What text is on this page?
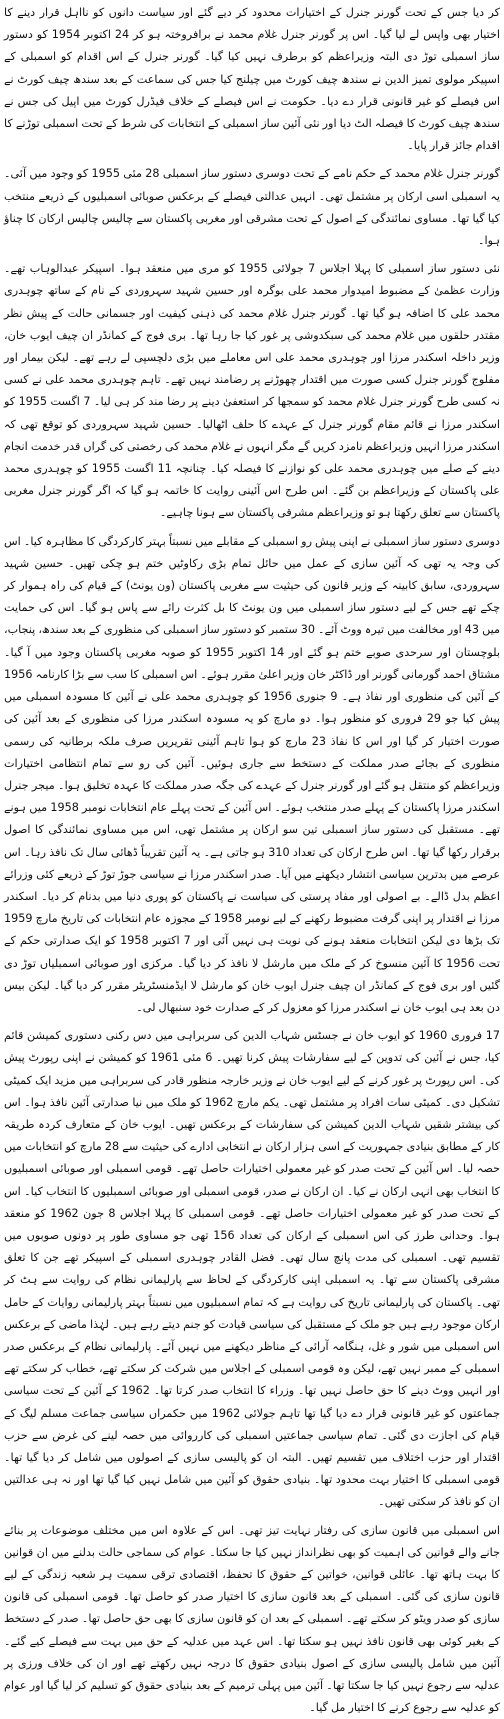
کر دیا جس کے تحت گورنر جنرل کے اختیارات محدود کر دیے گئے اور سیاست دانوں کو نااہل قرار دینے کا اختیار بھی واپس لے لیا گیا۔ اس پر گورنر جنرل غلام محمد نے برافروختہ ہو کر 24 اکتوبر 1954 کو دستور ساز اسمبلی توڑ دی البتہ وزیراعظم کو برطرف نہیں کیا گیا۔ گورنر جنرل کے اس اقدام کو اسمبلی کے اسپیکر مولوی تمیز الدین نے سندھ چیف کورٹ میں چیلنج کیا جس کی سماعت کے بعد سندھ چیف کورٹ نے اس فیصلے کو غیر قانونی قرار دے دیا۔ حکومت نے اس فیصلے کے خلاف فیڈرل کورٹ میں اپیل کی جس نے سندھ چیف کورٹ کا فیصلہ الٹ دیا اور نئی آئین ساز اسمبلی کے انتخابات کی شرط کے تحت اسمبلی توڑنے کا اقدام جائز قرار پایا۔

گورنر جنرل غلام محمد کے حکم نامے کے تحت دوسری دستور ساز اسمبلی 28 مئی 1955 کو وجود میں آئی۔ یہ اسمبلی اسی ارکان پر مشتمل تھی۔ انہیں عدالتی فیصلے کے برعکس صوبائی اسمبلیوں کے ذریعے منتخب کیا گیا تھا۔ مساوی نمائندگی کے اصول کے تحت مشرقی اور مغربی پاکستان سے چالیس چالیس ارکان کا چناؤ ہوا۔

نئی دستور ساز اسمبلی کا پہلا اجلاس 7 جولائی 1955 کو مری میں منعقد ہوا۔ اسپیکر عبدالوہاب تھے۔ وزارت عظمیٰ کے مضبوط امیدوار محمد علی بوگرہ اور حسین شہید سہروردی کے نام کے ساتھ چوہدری محمد علی کا اضافہ ہو گیا تھا۔ گورنر جنرل غلام محمد کی ذہنی کیفیت اور جسمانی حالت کے پیش نظر مقتدر حلقوں میں غلام محمد کی سبکدوشی پر غور کیا جا رہا تھا۔ بری فوج کے کمانڈر ان چیف ایوب خان، وزیر داخلہ اسکندر مرزا اور چوہدری محمد علی اس معاملے میں بڑی دلچسپی لے رہے تھے۔ لیکن بیمار اور مفلوج گورنر جنرل کسی صورت میں اقتدار چھوڑنے پر رضامند نہیں تھے۔ تاہم چوہدری محمد علی نے کسی نہ کسی طرح گورنر جنرل غلام محمد کو سمجھا کر استعفیٰ دینے پر رضا مند کر ہی لیا۔ 7 اگست 1955 کو اسکندر مرزا نے قائم مقام گورنر جنرل کے عہدے کا حلف اٹھالیا۔ حسین شہید سہروردی کو توقع تھی کہ اسکندر مرزا انہیں وزیراعظم نامزد کریں گے مگر انہوں نے غلام محمد کی رخصتی کی گراں قدر خدمت انجام دینے کے صلے میں چوہدری محمد علی کو نوازنے کا فیصلہ کیا۔ چنانچہ 11 اگست 1955 کو چوہدری محمد علی پاکستان کے وزیراعظم بن گئے۔ اس طرح اس آئینی روایت کا خاتمہ ہو گیا کہ اگر گورنر جنرل مغربی پاکستان سے تعلق رکھتا ہو تو وزیراعظم مشرقی پاکستان سے ہونا چاہیے۔

دوسری دستور ساز اسمبلی نے اپنی پیش رو اسمبلی کے مقابلے میں نسبتاً بہتر کارکردگی کا مظاہرہ کیا۔ اس کی وجہ یہ تھی کہ آئین سازی کے عمل میں حائل تمام بڑی رکاوٹیں ختم ہو چکی تھیں۔ حسین شہید سہروردی، سابق کابینہ کے وزیر قانون کی حیثیت سے مغربی پاکستان (ون یونٹ) کے قیام کی راہ ہموار کر چکے تھے جس کے لیے دستور ساز اسمبلی میں ون یونٹ کا بل کثرت رائے سے پاس ہو گیا۔ اس کی حمایت میں 43 اور مخالفت میں تیرہ ووٹ آئے۔ 30 ستمبر کو دستور ساز اسمبلی کی منظوری کے بعد سندھ، پنجاب، بلوچستان اور سرحدی صوبے ختم ہو گئے اور 14 اکتوبر 1955 کو صوبہ مغربی پاکستان وجود میں آ گیا۔ مشتاق احمد گورمانی گورنر اور ڈاکٹر خان وزیر اعلیٰ مقرر ہوئے۔ اس اسمبلی کا سب سے بڑا کارنامہ 1956 کے آئین کی منظوری اور نفاذ ہے۔ 9 جنوری 1956 کو چوہدری محمد علی نے آئین کا مسودہ اسمبلی میں پیش کیا جو 29 فروری کو منظور ہوا۔ دو مارچ کو یہ مسودہ اسکندر مرزا کی منظوری کے بعد آئین کی صورت اختیار کر گیا اور اس کا نفاذ 23 مارچ کو ہوا تاہم آئینی تقریریں صرف ملکہ برطانیہ کی رسمی منظوری کے بجائے صدر مملکت کے دستخط سے جاری ہوئیں۔ آئین کی رو سے تمام انتظامی اختیارات وزیراعظم کو منتقل ہو گئے اور گورنر جنرل کے عہدے کی جگہ صدر مملکت کا عہدہ تخلیق ہوا۔ میجر جنرل اسکندر مرزا پاکستان کے پہلے صدر منتخب ہوئے۔ اس آئین کے تحت پہلے عام انتخابات نومبر 1958 میں ہونے تھے۔ مستقبل کی دستور ساز اسمبلی تین سو ارکان پر مشتمل تھی، اس میں مساوی نمائندگی کا اصول برقرار رکھا گیا تھا۔ اس طرح ارکان کی تعداد 310 ہو جاتی ہے۔ یہ آئین تقریباً ڈھائی سال تک نافذ رہا۔ اس عرصے میں بدترین سیاسی انتشار دیکھنے میں آیا۔ صدر اسکندر مرزا نے سیاسی جوڑ توڑ کے ذریعے کئی وزرائے اعظم بدل ڈالے۔ بے اصولی اور مفاد پرستی کی سیاست نے پاکستان کو پوری دنیا میں بدنام کر دیا۔ اسکندر مرزا نے اقتدار پر اپنی گرفت مضبوط رکھنے کے لیے نومبر 1958 کے مجوزہ عام انتخابات کی تاریخ مارچ 1959 تک بڑھا دی لیکن انتخابات منعقد ہونے کی نوبت ہی نہیں آئی اور 7 اکتوبر 1958 کو ایک صدارتی حکم کے تحت 1956 کا آئین منسوخ کر کے ملک میں مارشل لا نافذ کر دیا گیا۔ مرکزی اور صوبائی اسمبلیاں توڑ دی گئیں اور بری فوج کے کمانڈر ان چیف جنرل ایوب خان کو مارشل لا ایڈمنسٹریٹر مقرر کر دیا گیا۔ لیکن بیس دن بعد ہی ایوب خان نے اسکندر مرزا کو معزول کر کے صدارت خود سنبھال لی۔

17 فروری 1960 کو ایوب خان نے جسٹس شہاب الدین کی سربراہی میں دس رکنی دستوری کمیشن قائم کیا، جس نے آئین کی تدوین کے لیے سفارشات پیش کرنا تھیں۔ 6 مئی 1961 کو کمیشن نے اپنی رپورٹ پیش کی۔ اس رپورٹ پر غور کرنے کے لیے ایوب خان نے وزیر خارجہ منظور قادر کی سربراہی میں مزید ایک کمیٹی تشکیل دی۔ کمیٹی سات افراد پر مشتمل تھی۔ یکم مارچ 1962 کو ملک میں نیا صدارتی آئین نافذ ہوا۔ اس کی بیشتر شقیں شہاب الدین کمیشن کی سفارشات کے برعکس تھیں۔ ایوب خان کے متعارف کردہ طریقہ کار کے مطابق بنیادی جمہوریت کے اسی ہزار ارکان نے انتخابی ادارے کی حیثیت سے 28 مارچ کو انتخابات میں حصہ لیا۔ اس آئین کے تحت صدر کو غیر معمولی اختیارات حاصل تھے۔ قومی اسمبلی اور صوبائی اسمبلیوں کا انتخاب بھی انہی ارکان نے کیا۔ ان ارکان نے صدر، قومی اسمبلی اور صوبائی اسمبلیوں کا انتخاب کیا۔ اس کے تحت صدر کو غیر معمولی اختیارات حاصل تھے۔ قومی اسمبلی کا پہلا اجلاس 8 جون 1962 کو منعقد ہوا۔ وحدانی طرز کی اس اسمبلی کے ارکان کی تعداد 156 تھی جو مساوی طور پر دونوں صوبوں میں تقسیم تھی۔ اسمبلی کی مدت پانچ سال تھی۔ فضل القادر چوہدری اسمبلی کے اسپیکر تھے جن کا تعلق مشرقی پاکستان سے تھا۔ یہ اسمبلی اپنی کارکردگی کے لحاظ سے پارلیمانی نظام کی روایت سے ہٹ کر تھی۔ پاکستان کی پارلیمانی تاریخ کی روایت ہے کہ تمام اسمبلیوں میں نسبتاً بہتر پارلیمانی روایات کے حامل ارکان موجود رہے ہیں جو ملک کے مستقبل کی سیاسی قیادت کو جنم دیتے رہے ہیں۔ لہٰذا ماضی کے برعکس اس اسمبلی میں شور و غل، ہنگامہ آرائی کے مناظر دیکھنے میں نہیں آئے۔ پارلیمانی نظام کے برعکس صدر اسمبلی کے ممبر نہیں تھے، لیکن وہ قومی اسمبلی کے اجلاس میں شرکت کر سکتے تھے، خطاب کر سکتے تھے اور انہیں ووٹ دینے کا حق حاصل نہیں تھا۔ وزراء کا انتخاب صدر کرتا تھا۔ 1962 کے آئین کے تحت سیاسی جماعتوں کو غیر قانونی قرار دے دیا گیا تھا تاہم جولائی 1962 میں حکمراں سیاسی جماعت مسلم لیگ کے قیام کی اجازت دی گئی۔ تمام سیاسی جماعتیں اسمبلی کی کارروائی میں حصہ لینے کی غرض سے حزب اقتدار اور حزب اختلاف میں تقسیم تھیں۔ البتہ ان کو پالیسی سازی کے اصولوں میں شامل کر دیا گیا تھا۔ قومی اسمبلی کا اختیار بہت محدود تھا۔ بنیادی حقوق کو آئین میں شامل نہیں کیا گیا تھا اور نہ ہی عدالتیں ان کو نافذ کر سکتی تھیں۔

اس اسمبلی میں قانون سازی کی رفتار نہایت تیز تھی۔ اس کے علاوہ اس میں مختلف موضوعات پر بنائے جانے والے قوانین کی اہمیت کو بھی نظرانداز نہیں کیا جا سکتا۔ عوام کی سماجی حالت بدلنے میں ان قوانین کا بہت ہاتھ تھا۔ عائلی قوانین، خواتین کے حقوق کا تحفظ، اقتصادی ترقی سمیت ہر شعبہ زندگی کے لیے قانون سازی کی گئی۔ اسمبلی کے بعد قانون سازی کا اختیار صدر کو حاصل تھا۔ قومی اسمبلی کی قانون سازی کو صدر ویٹو کر سکتے تھے۔ اسمبلی کے بعد ان کو قانون سازی کا بھی حق حاصل تھا۔ صدر کے دستخط کے بغیر کوئی بھی قانون نافذ نہیں ہو سکتا تھا۔ اس عہد میں عدلیہ کے حق میں بہت سے فیصلے کیے گئے۔ آئین میں شامل پالیسی سازی کے اصول بنیادی حقوق کا درجہ نہیں رکھتے تھے اور ان کی خلاف ورزی پر عدلیہ سے رجوع نہیں کیا جا سکتا تھا۔ آئین میں پہلی ترمیم کے بعد بنیادی حقوق کو تسلیم کر لیا گیا اور عوام کو عدلیہ سے رجوع کرنے کا اختیار مل گیا۔
